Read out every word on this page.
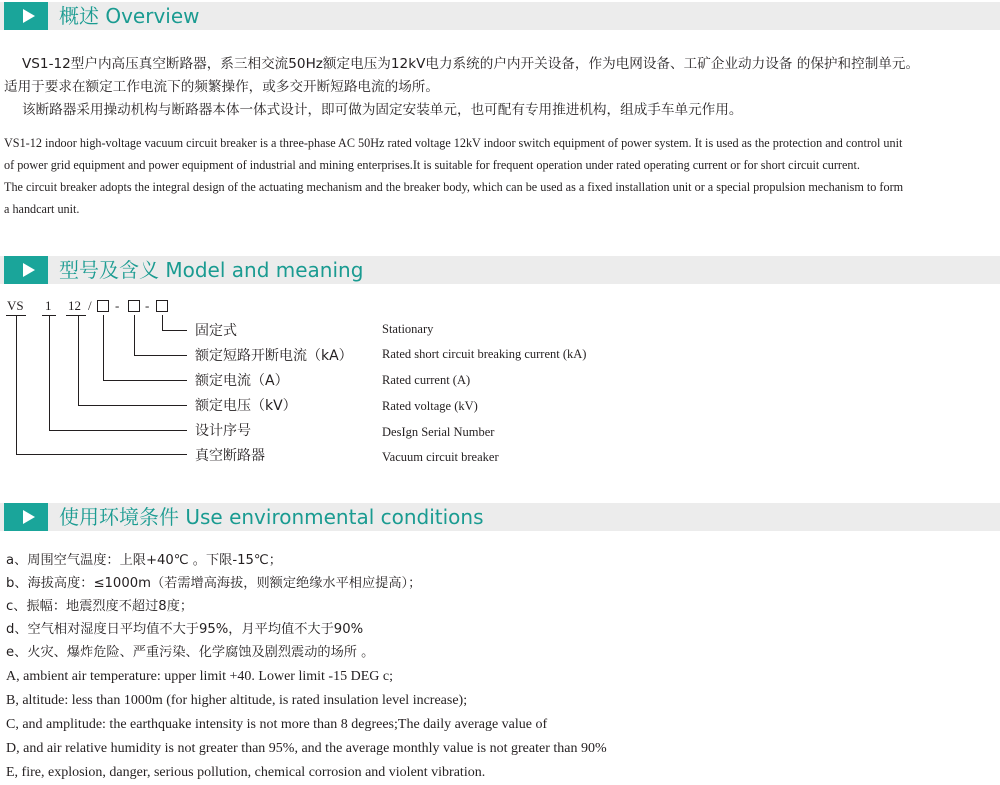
概述 Overview
VS1-12型户内高压真空断路器，系三相交流50Hz额定电压为12kV电力系统的户内开关设备，作为电网设备、工矿企业动力设备 的保护和控制单元。
适用于要求在额定工作电流下的频繁操作，或多交开断短路电流的场所。
该断路器采用操动机构与断路器本体一体式设计，即可做为固定安装单元，也可配有专用推进机构，组成手车单元作用。
VS1-12 indoor high-voltage vacuum circuit breaker is a three-phase AC 50Hz rated voltage 12kV indoor switch equipment of power system. It is used as the protection and control unit
of power grid equipment and power equipment of industrial and mining enterprises.It is suitable for frequent operation under rated operating current or for short circuit current.
The circuit breaker adopts the integral design of the actuating mechanism and the breaker body, which can be used as a fixed installation unit or a special propulsion mechanism to form
a handcart unit.
型号及含义 Model and meaning
VS 1 12 / - -
固定式	Stationary
额定短路开断电流（kA） Rated short circuit breaking current (kA)
额定电流（A）	Rated current (A)
额定电压（kV）	Rated voltage (kV)
设计序号	DesIgn Serial Number
真空断路器	Vacuum circuit breaker
使用环境条件 Use environmental conditions
a、周围空气温度：上限+40℃ 。下限-15℃；
b、海拔高度：≤1000m（若需增高海拔，则额定绝缘水平相应提高）；
c、振幅：地震烈度不超过8度；
d、空气相对湿度日平均值不大于95%，月平均值不大于90%
e、火灾、爆炸危险、严重污染、化学腐蚀及剧烈震动的场所 。
A, ambient air temperature: upper limit +40. Lower limit -15 DEG c;
B, altitude: less than 1000m (for higher altitude, is rated insulation level increase);
C, and amplitude: the earthquake intensity is not more than 8 degrees;The daily average value of
D, and air relative humidity is not greater than 95%, and the average monthly value is not greater than 90%
E, fire, explosion, danger, serious pollution, chemical corrosion and violent vibration.
